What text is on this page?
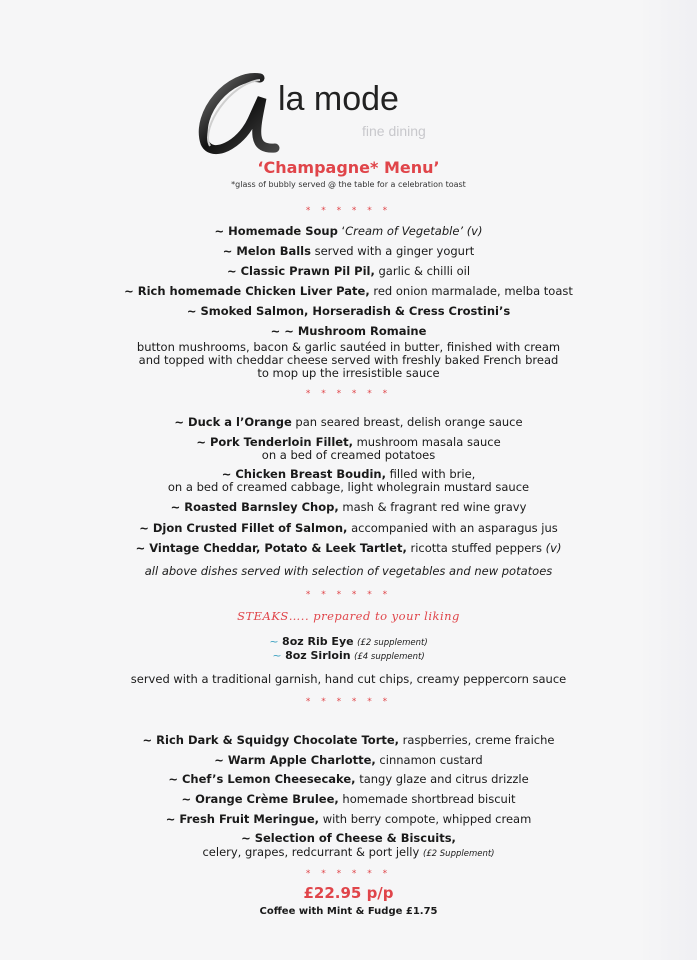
la mode
fine dining
‘Champagne* Menu’
*glass of bubbly served @ the table for a celebration toast
* * * * * *
~ Homemade Soup ‘Cream of Vegetable’ (v)
~ Melon Balls served with a ginger yogurt
~ Classic Prawn Pil Pil, garlic & chilli oil
~ Rich homemade Chicken Liver Pate, red onion marmalade, melba toast
~ Smoked Salmon, Horseradish & Cress Crostini’s
~ ~ Mushroom Romaine
button mushrooms, bacon & garlic sautéed in butter, finished with cream
and topped with cheddar cheese served with freshly baked French bread
to mop up the irresistible sauce
* * * * * *
~ Duck a l’Orange pan seared breast, delish orange sauce
~ Pork Tenderloin Fillet, mushroom masala sauce
on a bed of creamed potatoes
~ Chicken Breast Boudin, filled with brie,
on a bed of creamed cabbage, light wholegrain mustard sauce
~ Roasted Barnsley Chop, mash & fragrant red wine gravy
~ Djon Crusted Fillet of Salmon, accompanied with an asparagus jus
~ Vintage Cheddar, Potato & Leek Tartlet, ricotta stuffed peppers (v)
all above dishes served with selection of vegetables and new potatoes
* * * * * *
STEAKS….. prepared to your liking
~ 8oz Rib Eye (£2 supplement)
~ 8oz Sirloin (£4 supplement)
served with a traditional garnish, hand cut chips, creamy peppercorn sauce
* * * * * *
~ Rich Dark & Squidgy Chocolate Torte, raspberries, creme fraiche
~ Warm Apple Charlotte, cinnamon custard
~ Chef’s Lemon Cheesecake, tangy glaze and citrus drizzle
~ Orange Crème Brulee, homemade shortbread biscuit
~ Fresh Fruit Meringue, with berry compote, whipped cream
~ Selection of Cheese & Biscuits,
celery, grapes, redcurrant & port jelly (£2 Supplement)
* * * * * *
£22.95 p/p
Coffee with Mint & Fudge £1.75
